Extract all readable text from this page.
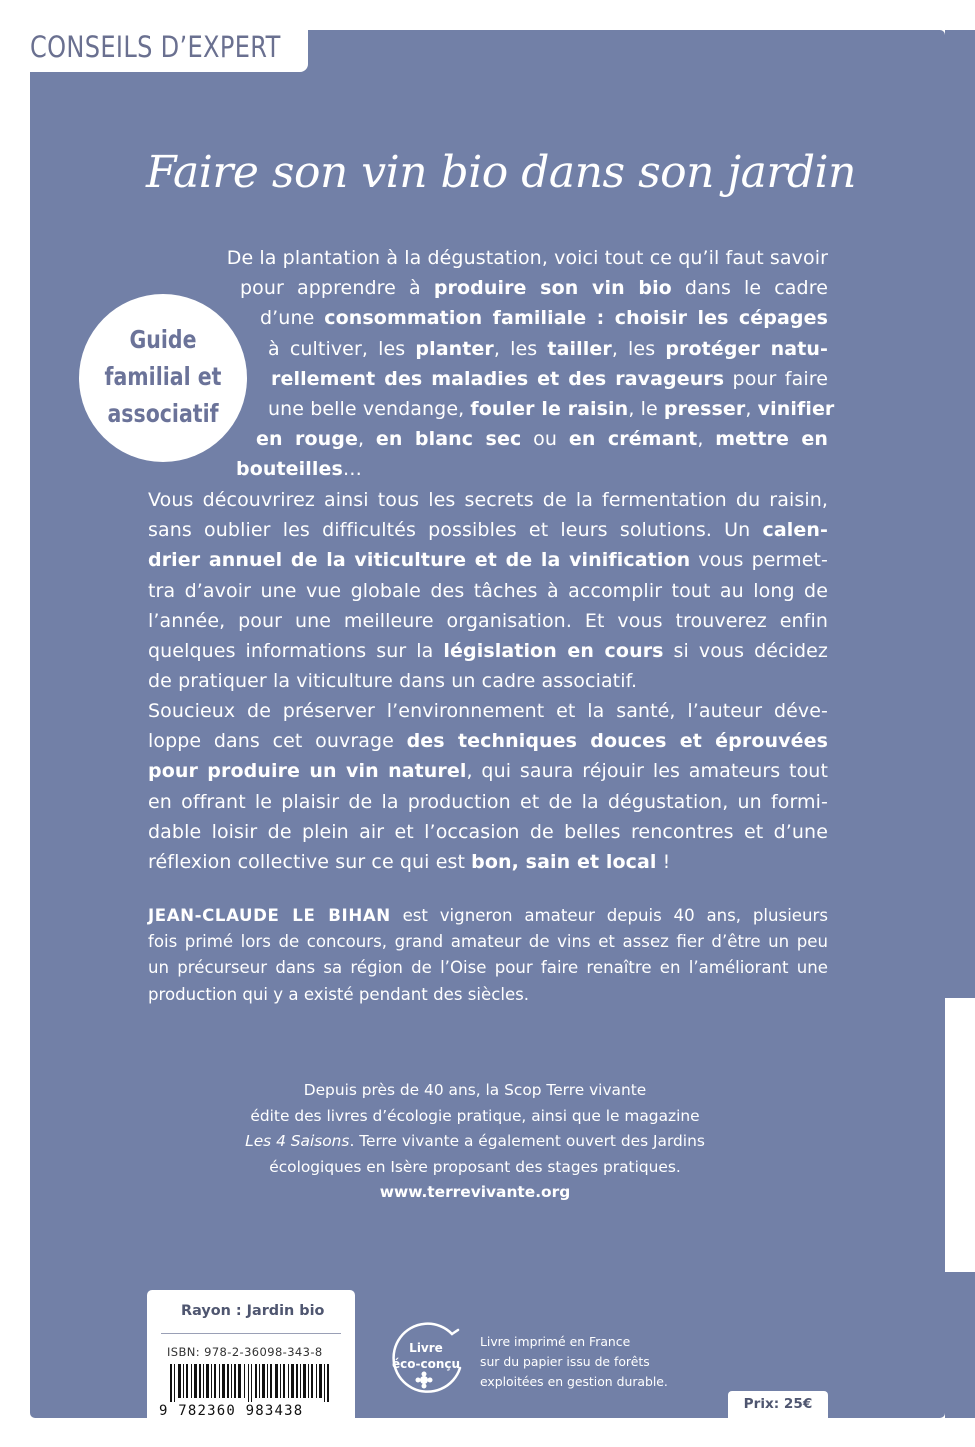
CONSEILS D’EXPERT
Faire son vin bio dans son jardin
Guide
familial et
associatif
De la plantation à la dégustation, voici tout ce qu’il faut savoir
pour apprendre à produire son vin bio dans le cadre
d’une consommation familiale : choisir les cépages
à cultiver, les planter, les tailler, les protéger natu-
rellement des maladies et des ravageurs pour faire
une belle vendange, fouler le raisin, le presser, vinifier
en rouge, en blanc sec ou en crémant, mettre en
bouteilles…
Vous découvrirez ainsi tous les secrets de la fermentation du raisin,
sans oublier les difficultés possibles et leurs solutions. Un calen-
drier annuel de la viticulture et de la vinification vous permet-
tra d’avoir une vue globale des tâches à accomplir tout au long de
l’année, pour une meilleure organisation. Et vous trouverez enfin
quelques informations sur la législation en cours si vous décidez
de pratiquer la viticulture dans un cadre associatif.
Soucieux de préserver l’environnement et la santé, l’auteur déve-
loppe dans cet ouvrage des techniques douces et éprouvées
pour produire un vin naturel, qui saura réjouir les amateurs tout
en offrant le plaisir de la production et de la dégustation, un formi-
dable loisir de plein air et l’occasion de belles rencontres et d’une
réflexion collective sur ce qui est bon, sain et local !
JEAN-CLAUDE LE BIHAN est vigneron amateur depuis 40 ans, plusieurs
fois primé lors de concours, grand amateur de vins et assez fier d’être un peu
un précurseur dans sa région de l’Oise pour faire renaître en l’améliorant une
production qui y a existé pendant des siècles.
Depuis près de 40 ans, la Scop Terre vivante
édite des livres d’écologie pratique, ainsi que le magazine
Les 4 Saisons. Terre vivante a également ouvert des Jardins
écologiques en Isère proposant des stages pratiques.
www.terrevivante.org
Rayon : Jardin bio
ISBN: 978-2-36098-343-8
9 782360 983438
Livre
éco-conçu
Livre imprimé en France
sur du papier issu de forêts
exploitées en gestion durable.
Prix: 25€
